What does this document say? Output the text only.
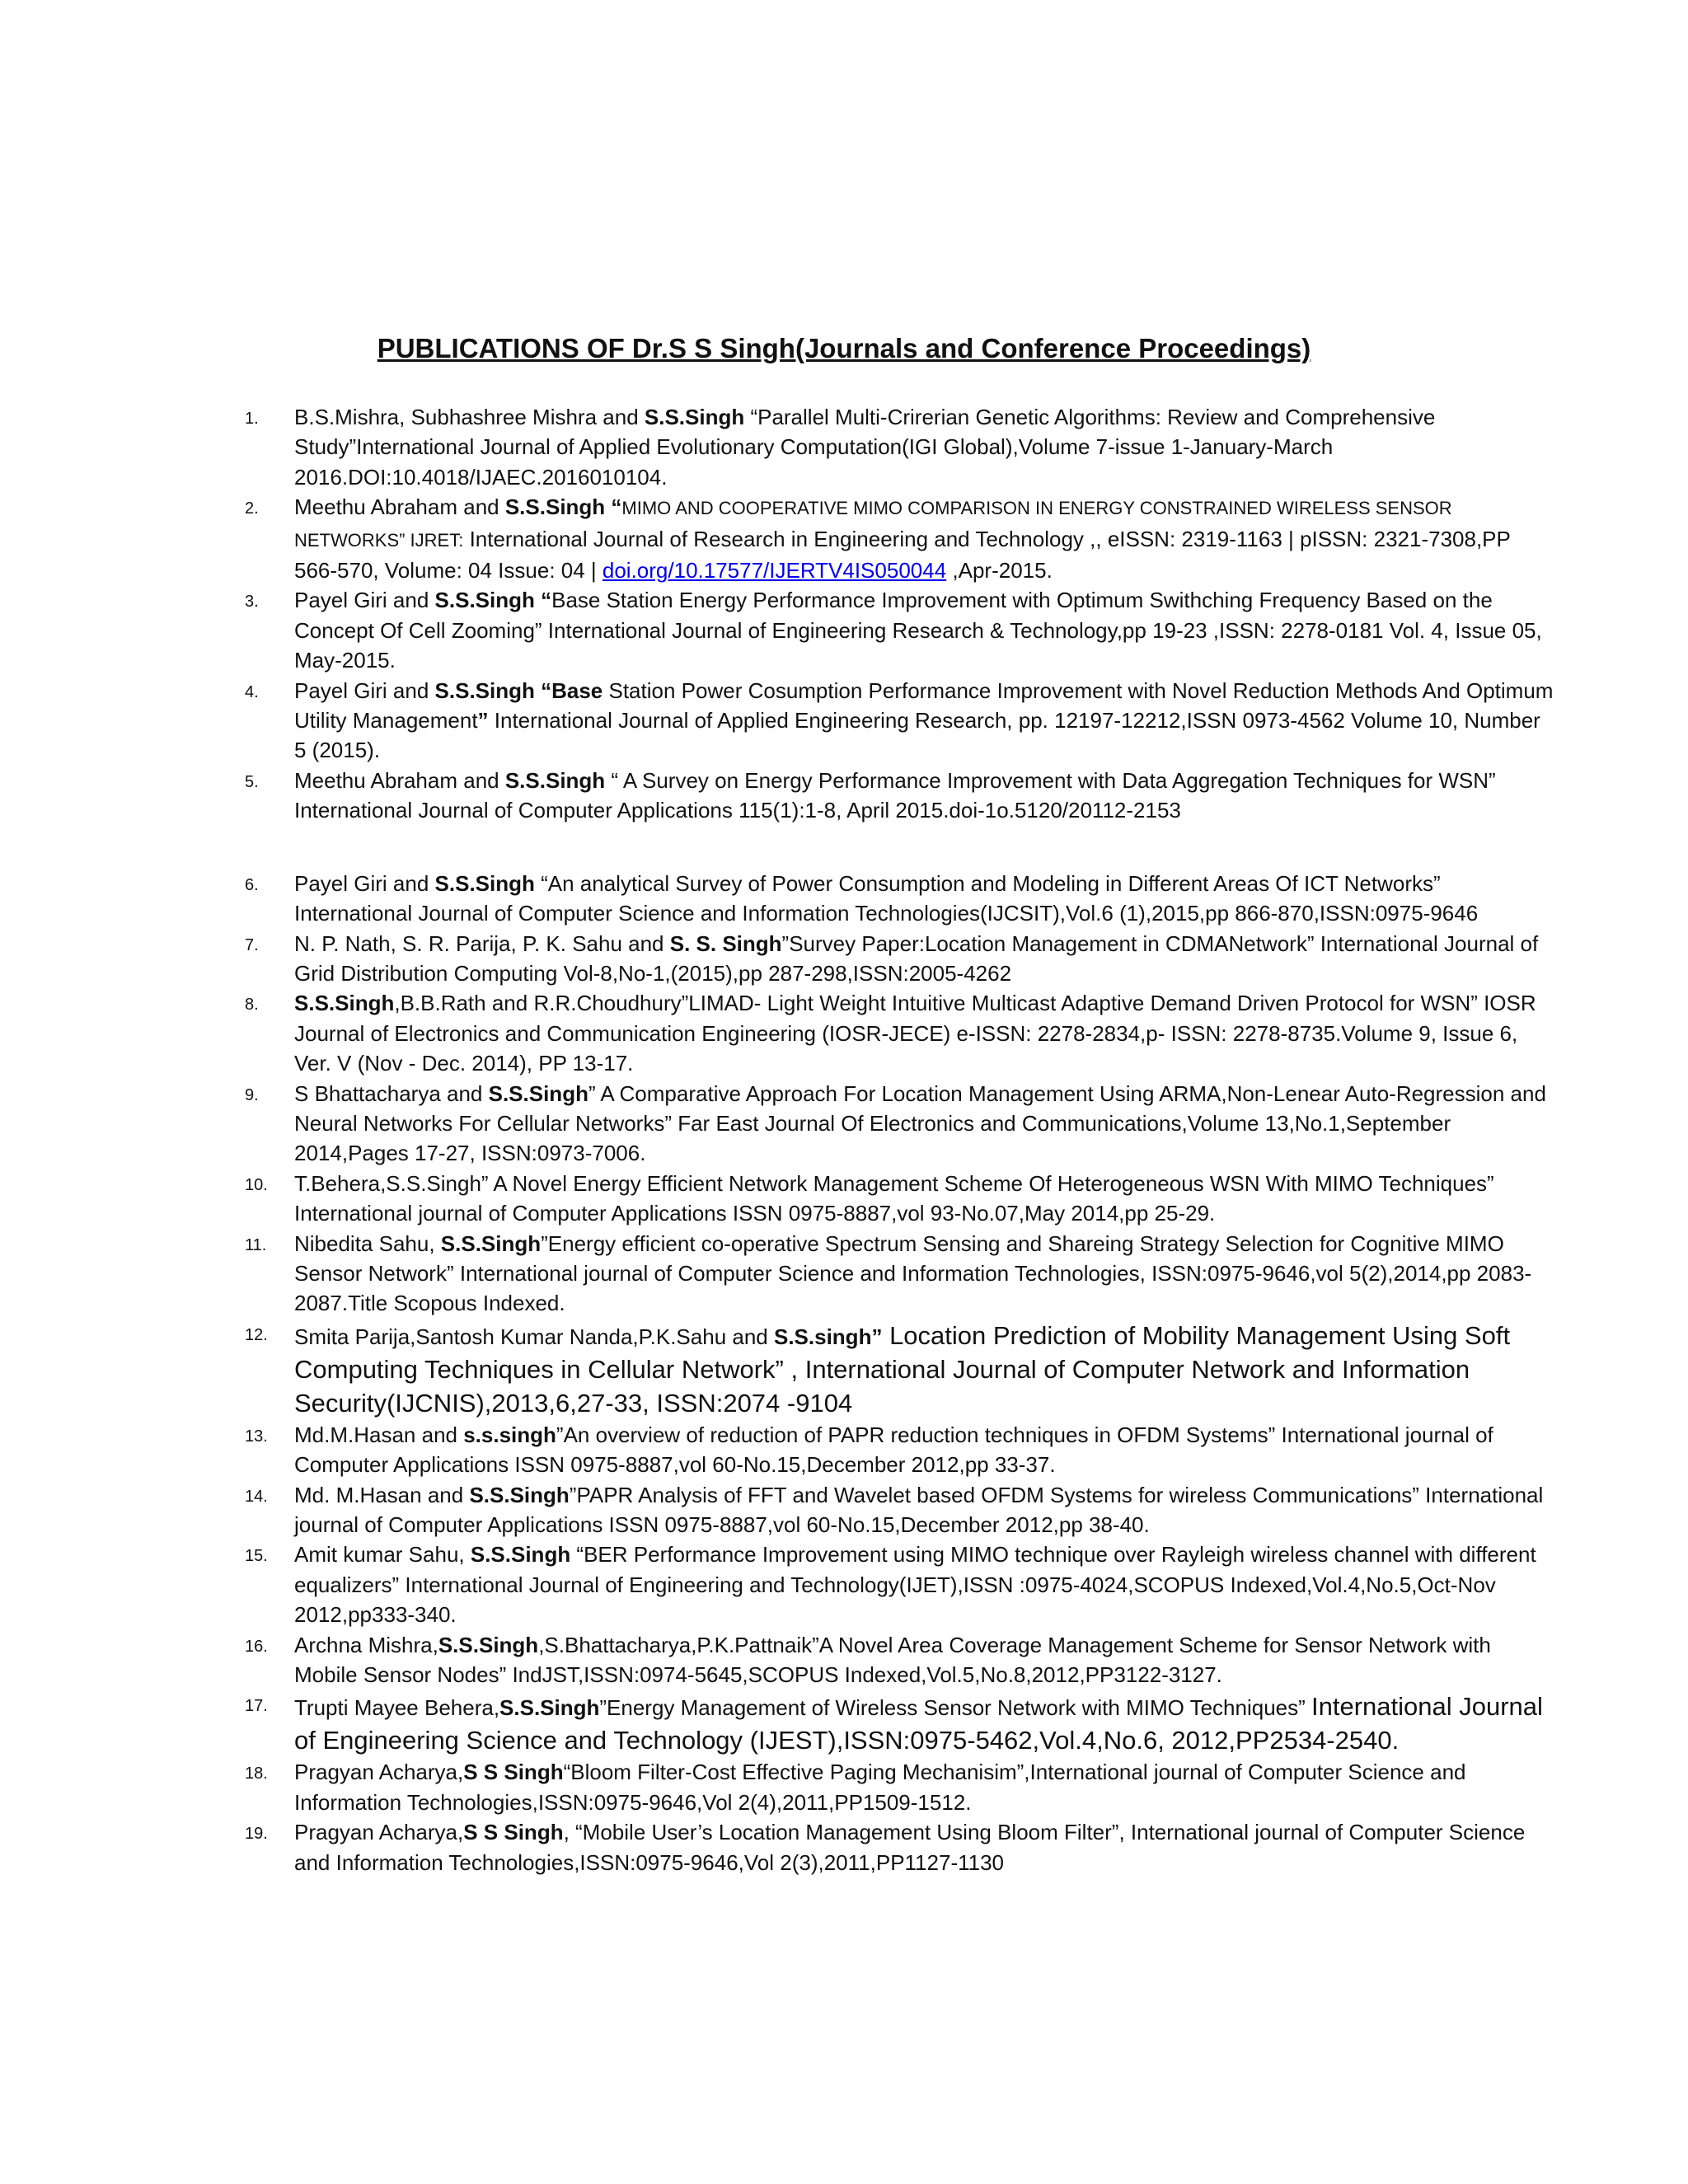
PUBLICATIONS OF Dr.S S Singh(Journals and Conference Proceedings)
1. B.S.Mishra, Subhashree Mishra and S.S.Singh “Parallel Multi-Crirerian Genetic Algorithms: Review and Comprehensive Study”International Journal of Applied Evolutionary Computation(IGI Global),Volume 7-issue 1-January-March 2016.DOI:10.4018/IJAEC.2016010104.
2. Meethu Abraham and S.S.Singh “MIMO AND COOPERATIVE MIMO COMPARISON IN ENERGY CONSTRAINED WIRELESS SENSOR NETWORKS” IJRET: International Journal of Research in Engineering and Technology ,, eISSN: 2319-1163 | pISSN: 2321-7308,PP 566-570, Volume: 04 Issue: 04 | doi.org/10.17577/IJERTV4IS050044 ,Apr-2015.
3. Payel Giri and S.S.Singh “Base Station Energy Performance Improvement with Optimum Swithching Frequency Based on the Concept Of Cell Zooming” International Journal of Engineering Research & Technology,pp 19-23 ,ISSN: 2278-0181 Vol. 4, Issue 05, May-2015.
4. Payel Giri and S.S.Singh “Base Station Power Cosumption Performance Improvement with Novel Reduction Methods And Optimum Utility Management” International Journal of Applied Engineering Research, pp. 12197-12212,ISSN 0973-4562 Volume 10, Number 5 (2015).
5. Meethu Abraham and S.S.Singh “ A Survey on Energy Performance Improvement with Data Aggregation Techniques for WSN” International Journal of Computer Applications 115(1):1-8, April 2015.doi-1o.5120/20112-2153
6. Payel Giri and S.S.Singh “An analytical Survey of Power Consumption and Modeling in Different Areas Of ICT Networks” International Journal of Computer Science and Information Technologies(IJCSIT),Vol.6 (1),2015,pp 866-870,ISSN:0975-9646
7. N. P. Nath, S. R. Parija, P. K. Sahu and S. S. Singh”Survey Paper:Location Management in CDMANetwork” International Journal of Grid Distribution Computing Vol-8,No-1,(2015),pp 287-298,ISSN:2005-4262
8. S.S.Singh,B.B.Rath and R.R.Choudhury”LIMAD- Light Weight Intuitive Multicast Adaptive Demand Driven Protocol for WSN” IOSR Journal of Electronics and Communication Engineering (IOSR-JECE) e-ISSN: 2278-2834,p- ISSN: 2278-8735.Volume 9, Issue 6, Ver. V (Nov - Dec. 2014), PP 13-17.
9. S Bhattacharya and S.S.Singh” A Comparative Approach For Location Management Using ARMA,Non-Lenear Auto-Regression and Neural Networks For Cellular Networks” Far East Journal Of Electronics and Communications,Volume 13,No.1,September 2014,Pages 17-27, ISSN:0973-7006.
10. T.Behera,S.S.Singh” A Novel Energy Efficient Network Management Scheme Of Heterogeneous WSN With MIMO Techniques” International journal of Computer Applications ISSN 0975-8887,vol 93-No.07,May 2014,pp 25-29.
11. Nibedita Sahu, S.S.Singh”Energy efficient co-operative Spectrum Sensing and Shareing Strategy Selection for Cognitive MIMO Sensor Network” International journal of Computer Science and Information Technologies, ISSN:0975-9646,vol 5(2),2014,pp 2083-2087.Title Scopous Indexed.
12. Smita Parija,Santosh Kumar Nanda,P.K.Sahu and S.S.singh” Location Prediction of Mobility Management Using Soft Computing Techniques in Cellular Network” , International Journal of Computer Network and Information Security(IJCNIS),2013,6,27-33, ISSN:2074 -9104
13. Md.M.Hasan and s.s.singh”An overview of reduction of PAPR reduction techniques in OFDM Systems” International journal of Computer Applications ISSN 0975-8887,vol 60-No.15,December 2012,pp 33-37.
14. Md. M.Hasan and S.S.Singh”PAPR Analysis of FFT and Wavelet based OFDM Systems for wireless Communications” International journal of Computer Applications ISSN 0975-8887,vol 60-No.15,December 2012,pp 38-40.
15. Amit kumar Sahu, S.S.Singh “BER Performance Improvement using MIMO technique over Rayleigh wireless channel with different equalizers” International Journal of Engineering and Technology(IJET),ISSN :0975-4024,SCOPUS Indexed,Vol.4,No.5,Oct-Nov 2012,pp333-340.
16. Archna Mishra,S.S.Singh,S.Bhattacharya,P.K.Pattnaik”A Novel Area Coverage Management Scheme for Sensor Network with Mobile Sensor Nodes” IndJST,ISSN:0974-5645,SCOPUS Indexed,Vol.5,No.8,2012,PP3122-3127.
17. Trupti Mayee Behera,S.S.Singh”Energy Management of Wireless Sensor Network with MIMO Techniques” International Journal of Engineering Science and Technology (IJEST),ISSN:0975-5462,Vol.4,No.6, 2012,PP2534-2540.
18. Pragyan Acharya,S S Singh“Bloom Filter-Cost Effective Paging Mechanisim”,International journal of Computer Science and Information Technologies,ISSN:0975-9646,Vol 2(4),2011,PP1509-1512.
19. Pragyan Acharya,S S Singh, “Mobile User’s Location Management Using Bloom Filter”, International journal of Computer Science and Information Technologies,ISSN:0975-9646,Vol 2(3),2011,PP1127-1130
